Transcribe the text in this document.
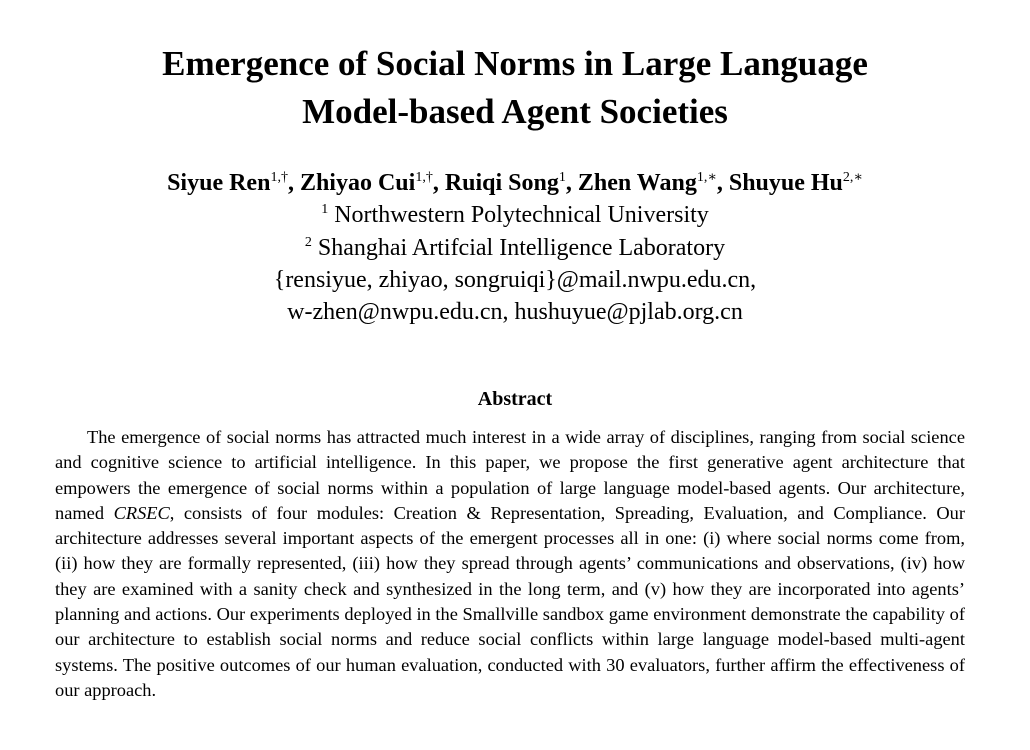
Emergence of Social Norms in Large Language
Model-based Agent Societies
Siyue Ren$^{1,\dagger}$, Zhiyao Cui$^{1,\dagger}$, Ruiqi Song$^1$, Zhen Wang$^{1,∗}$, Shuyue $Hu^{2,∗}$
$^1$ Northwestern Polytechnical University
$^2$ Shanghai Artifcial Intelligence Laboratory
{rensiyue, zhiyao, songruiqi}@mail.nwpu.edu.cn,
w-zhen@nwpu.edu.cn, hushuyue@pjlab.org.cn
Abstract
The emergence of social norms has attracted much interest in a wide array of disciplines, ranging from social science and cognitive science to artificial intelligence. In this paper, we propose the first generative agent architecture that empowers the emergence of social norms within a population of large language model-based agents. Our architecture, named CRSEC, consists of four modules: Creation & Representation, Spreading, Evaluation, and Compliance. Our architecture addresses several important aspects of the emergent processes all in one: (i) where social norms come from, (ii) how they are formally represented, (iii) how they spread through agents’ communications and observations, (iv) how they are examined with a sanity check and synthesized in the long term, and (v) how they are incorporated into agents’ planning and actions. Our experiments deployed in the Smallville sandbox game environment demonstrate the capability of our architecture to establish social norms and reduce social conflicts within large language model-based multi-agent systems. The positive outcomes of our human evaluation, conducted with 30 evaluators, further affirm the effectiveness of our approach.
